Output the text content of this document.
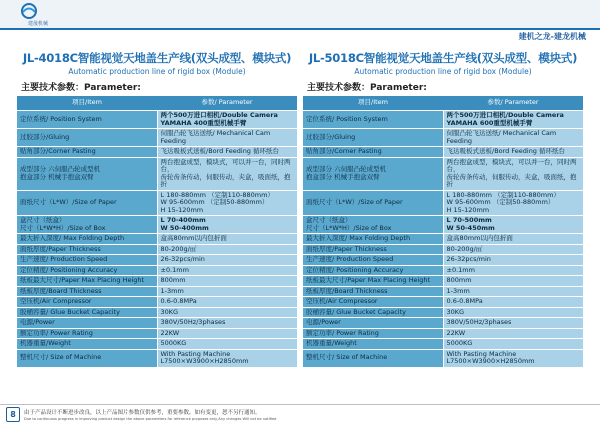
建晟机械
建机之龙-建龙机械
JL-4018C智能视觉天地盖生产线(双头成型、模块式)
Automatic production line of rigid box (Module)
主要技术参数：Parameter:
项目/Item	参数/ Parameter
定位系统/ Position System	两个500万进口相机/Double Camera
YAMAHA 400重型机械手臂
过胶部分/Gluing	伺服凸轮飞达送纸/ Mechanical Cam Feeding
贴角部分/Corner Pasting	飞达吸板式送板/Bord Feeding 循环纸台
成型部分 六伺服凸轮成型机
抱盒部分 机械手抱盒双臂	两台抱盒成型，模块式，可以并一台，同时两台，
齿轮齿条传动，伺服传动，夹盒，吸面纸，抱折
面纸尺寸（L*W）/Size of Paper	L 180-880mm （定制110-880mm）
W 95-600mm （定制50-880mm）
H 15-120mm
盒尺寸（纸盒）
尺寸（L*W*H）/Size of Box	L 70-400mm
W 50-400mm
最大折入深度/ Max Folding Depth	盒高80mm以内包折面
面纸厚度/Paper Thickness	80-200g/㎡
生产速度/ Production Speed	26-32pcs/min
定位精度/ Positioning Accuracy	±0.1mm
纸板最大尺寸/Paper Max Placing Height	800mm
纸板厚度/Board Thickness	1-3mm
空压机/Air Compressor	0.6-0.8MPa
胶桶容量/ Glue Bucket Capacity	30KG
电源/Power	380V/50Hz/3phases
额定功率/ Power Rating	22KW
机器重量/Weight	5000KG
整机尺寸/ Size of Machine	With Pasting Machine
L7500×W3900×H2850mm
JL-5018C智能视觉天地盖生产线(双头成型、模块式)
Automatic production line of rigid box (Module)
主要技术参数：Parameter:
项目/Item	参数/ Parameter
定位系统/ Position System	两个500万进口相机/Double Camera
YAMAHA 600重型机械手臂
过胶部分/Gluing	伺服凸轮飞达送纸/ Mechanical Cam Feeding
贴角部分/Corner Pasting	飞达吸板式送板/Bord Feeding 循环纸台
成型部分 六伺服凸轮成型机
抱盒部分 机械手抱盒双臂	两台抱盒成型，模块式，可以并一台，同时两台，
齿轮齿条传动，伺服传动，夹盒，吸面纸，抱折
面纸尺寸（L*W）/Size of Paper	L 180-880mm （定制110-880mm）
W 95-600mm （定制50-880mm）
H 15-120mm
盒尺寸（纸盒）
尺寸（L*W*H）/Size of Box	L 70-500mm
W 50-450mm
最大折入深度/ Max Folding Depth	盒高80mm以内包折面
面纸厚度/Paper Thickness	80-200g/㎡
生产速度/ Production Speed	26-32pcs/min
定位精度/ Positioning Accuracy	±0.1mm
纸板最大尺寸/Paper Max Placing Height	800mm
纸板厚度/Board Thickness	1-3mm
空压机/Air Compressor	0.6-0.8MPa
胶桶容量/ Glue Bucket Capacity	30KG
电源/Power	380V/50Hz/3phases
额定功率/ Power Rating	22KW
机器重量/Weight	5000KG
整机尺寸/ Size of Machine	With Pasting Machine
L7500×W3900×H2850mm
8	由于产品设计不断进步改良，以上产品图片参数仅供参考，重要参数，如有变更，恕不另行通知。
Due to continuous progress in improving product design the above parameters for reference purposes only,Any changes Will not be notified
